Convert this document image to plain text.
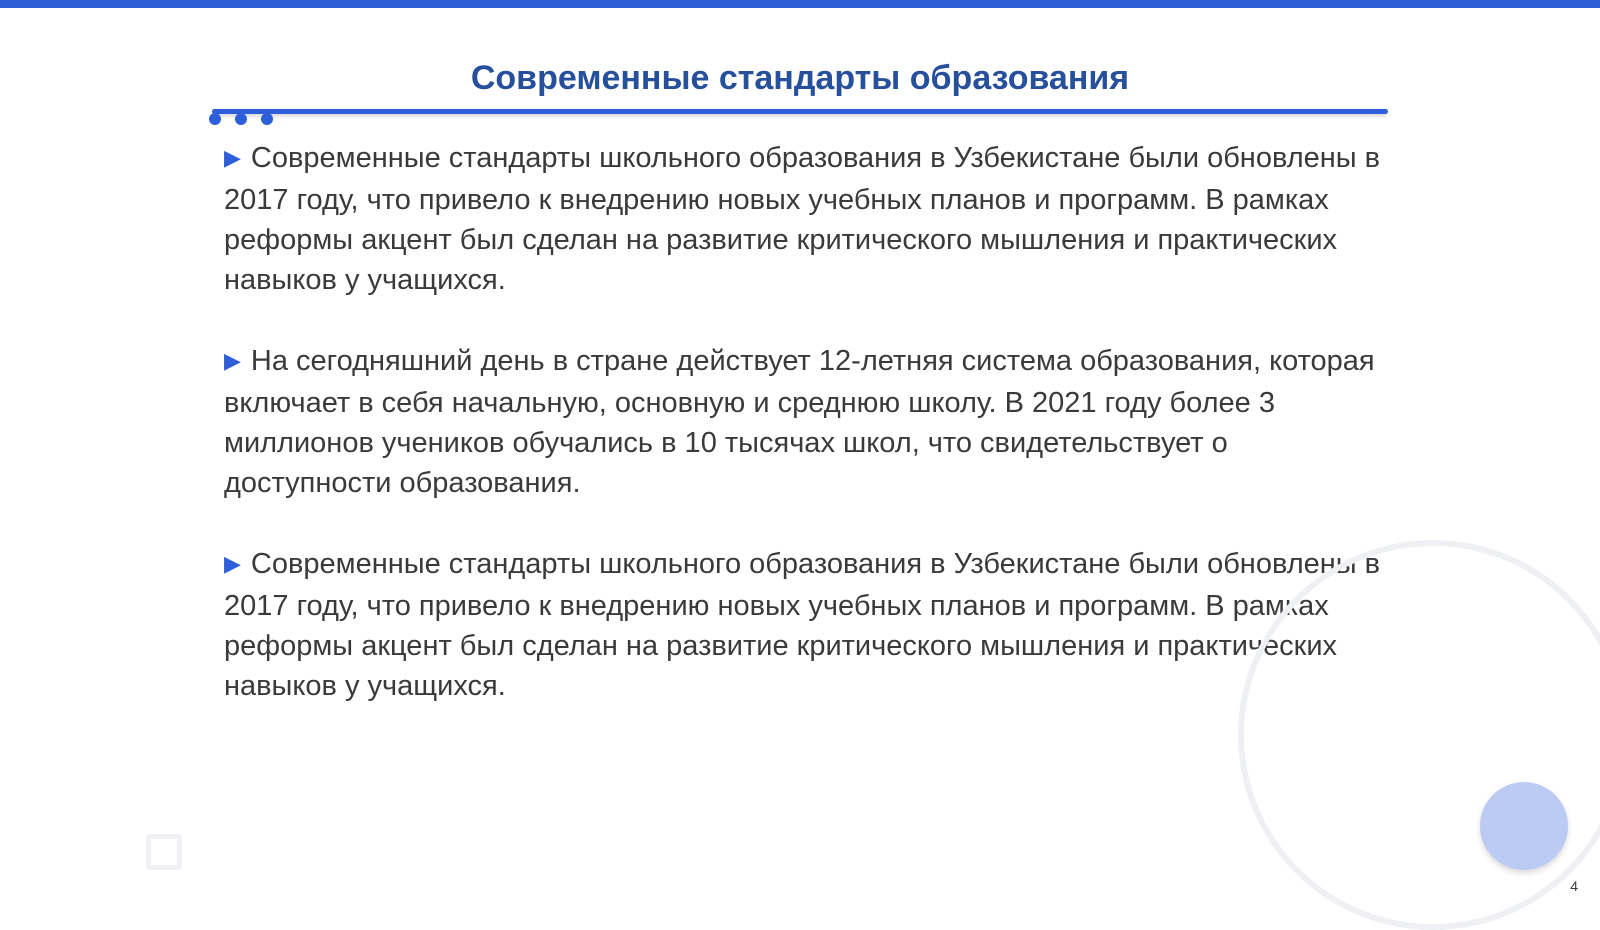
Современные стандарты образования

▶ Современные стандарты школьного образования в Узбекистане были обновлены в 2017 году, что привело к внедрению новых учебных планов и программ. В рамках реформы акцент был сделан на развитие критического мышления и практических навыков у учащихся.

▶ На сегодняшний день в стране действует 12-летняя система образования, которая включает в себя начальную, основную и среднюю школу. В 2021 году более 3 миллионов учеников обучались в 10 тысячах школ, что свидетельствует о доступности образования.

▶ Современные стандарты школьного образования в Узбекистане были обновлены в 2017 году, что привело к внедрению новых учебных планов и программ. В рамках реформы акцент был сделан на развитие критического мышления и практических навыков у учащихся.

4
